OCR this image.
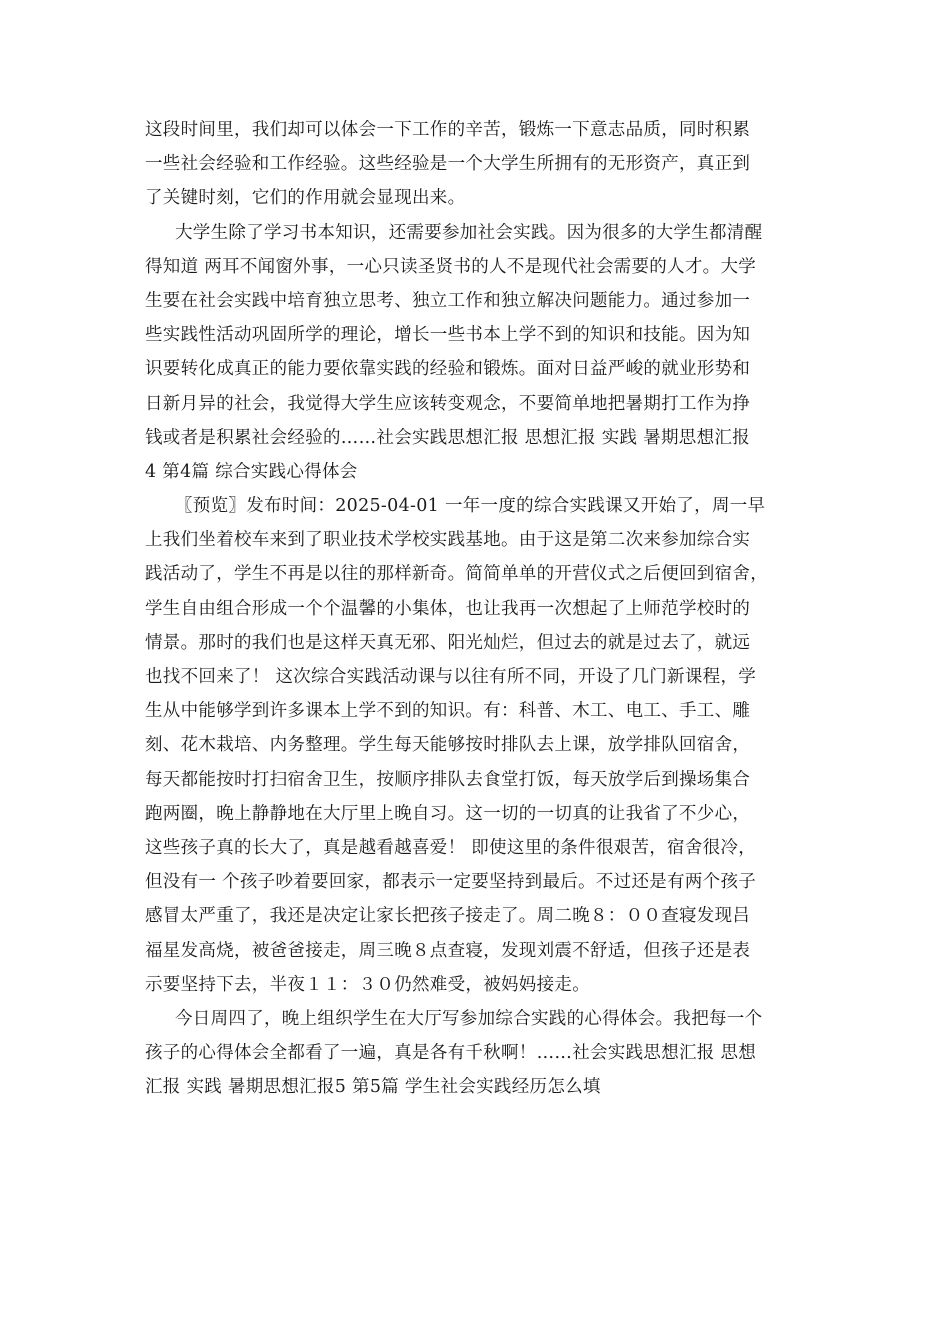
这段时间里，我们却可以体会一下工作的辛苦，锻炼一下意志品质，同时积累
一些社会经验和工作经验。这些经验是一个大学生所拥有的无形资产，真正到
了关键时刻，它们的作用就会显现出来。
大学生除了学习书本知识，还需要参加社会实践。因为很多的大学生都清醒
得知道 两耳不闻窗外事，一心只读圣贤书的人不是现代社会需要的人才。大学
生要在社会实践中培育独立思考、独立工作和独立解决问题能力。通过参加一
些实践性活动巩固所学的理论，增长一些书本上学不到的知识和技能。因为知
识要转化成真正的能力要依靠实践的经验和锻炼。面对日益严峻的就业形势和
日新月异的社会，我觉得大学生应该转变观念，不要简单地把暑期打工作为挣
钱或者是积累社会经验的……社会实践思想汇报 思想汇报 实践 暑期思想汇报
4 第4篇 综合实践心得体会
〖预览〗发布时间：2025-04-01 一年一度的综合实践课又开始了，周一早
上我们坐着校车来到了职业技术学校实践基地。由于这是第二次来参加综合实
践活动了，学生不再是以往的那样新奇。简简单单的开营仪式之后便回到宿舍，
学生自由组合形成一个个温馨的小集体，也让我再一次想起了上师范学校时的
情景。那时的我们也是这样天真无邪、阳光灿烂，但过去的就是过去了，就远
也找不回来了！ 这次综合实践活动课与以往有所不同，开设了几门新课程，学
生从中能够学到许多课本上学不到的知识。有：科普、木工、电工、手工、雕
刻、花木栽培、内务整理。学生每天能够按时排队去上课，放学排队回宿舍，
每天都能按时打扫宿舍卫生，按顺序排队去食堂打饭，每天放学后到操场集合
跑两圈，晚上静静地在大厅里上晚自习。这一切的一切真的让我省了不少心，
这些孩子真的长大了，真是越看越喜爱！ 即使这里的条件很艰苦，宿舍很冷，
但没有一 个孩子吵着要回家，都表示一定要坚持到最后。不过还是有两个孩子
感冒太严重了，我还是决定让家长把孩子接走了。周二晚８：００查寝发现吕
福星发高烧，被爸爸接走，周三晚８点查寝，发现刘震不舒适，但孩子还是表
示要坚持下去，半夜１１：３０仍然难受，被妈妈接走。
今日周四了，晚上组织学生在大厅写参加综合实践的心得体会。我把每一个
孩子的心得体会全都看了一遍，真是各有千秋啊！……社会实践思想汇报 思想
汇报 实践 暑期思想汇报5 第5篇 学生社会实践经历怎么填
